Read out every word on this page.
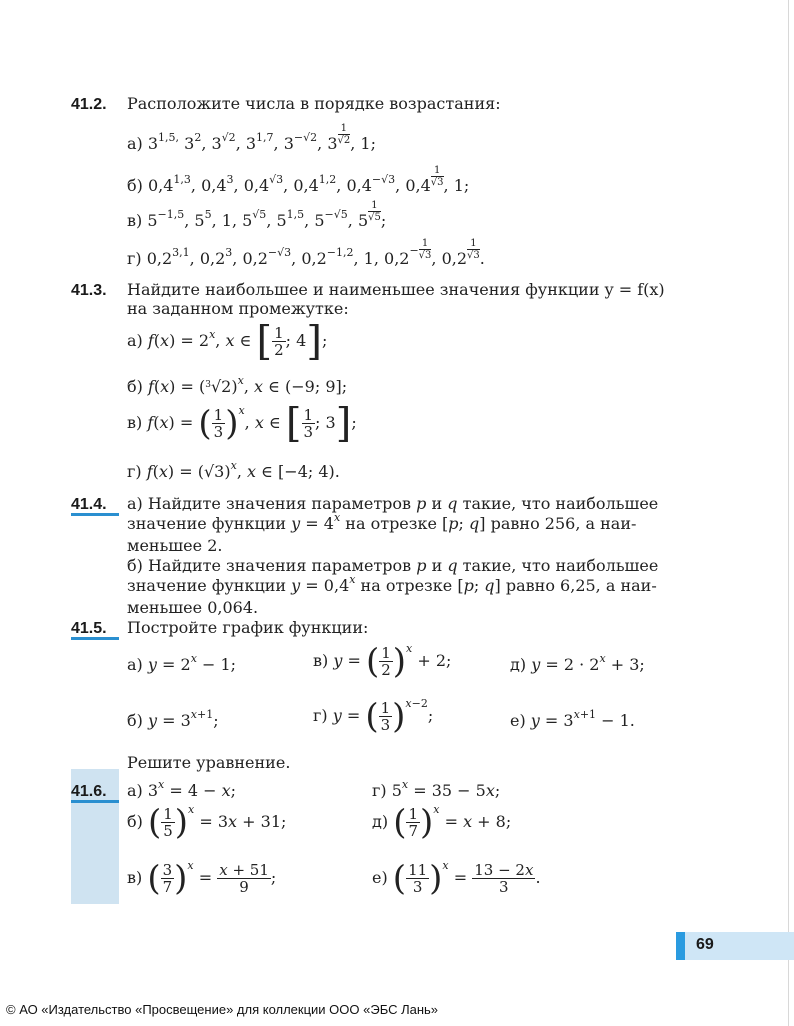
41.2. Расположите числа в порядке возрастания:
а) $3^{1,5,}$ $3^2$, $3^{√2}$, 3$^{1,7}$, $3^{-√2}$, $3 \frac{1}{√2}$ , 1;
б) 0,4$^{1,3}$, $0,4^3$, $0,4^{√3}$, 0,4$^{1,2}$, $0,4^{-√3}$, $0,4 \frac{1}{√3}$ , 1;
в) $5^{-1,5}$, $5^5$, 1, $5^{√5}$, 5$^{1,5}$, $5^{-√5}$, $5 \frac{1}{√5}$ ;
г) 0,2$^{3,1}$, $0,2^3$, $0,2^{-√3}$, $0,2^{-1,2}$, 1, $0,2- \frac{1}{√3}$ , $0,2 \frac{1}{√3}$ .
41.3. Найдите наибольшее и наименьшее значения функции y = f(x)
на заданном промежутке:
а) $f(x) = 2^x$, x ∈ [ $\frac{1}{2}$ ; 4];
б) $f(x) = (^3√2)^x$, x ∈ (−9; 9];
в) f(x) = ( $\frac{1}{3} )^x$, x ∈ [ $\frac{1}{3}$ ; 3];
г) $f(x) = (√3)^x$, x ∈ [−4; 4).
41.4. а) Найдите значения параметров p и q такие, что наибольшее
значение функции $y = 4^x$ на отрезке [p; q] равно 256, а наи-
меньшее 2.
б) Найдите значения параметров p и q такие, что наибольшее
значение функции $y = 0,4^x$ на отрезке [p; q] равно 6,25, а наи-
меньшее 0,064.
41.5. Постройте график функции:
а) $y = 2^x - 1$;	в) y = ( $\frac{1}{2} )^x + 2$;	д) $y = 2 \cdot 2^x + 3$;
б) $y = 3^{x+1}$;	г) y = ( $\frac{1}{3} )^{x-2}$;	е) $y = 3^{x+1} - 1$.
Решите уравнение.
41.6. а) $3^x = 4 - x$;	г) $5^x = 35 - 5x$;
б) ( $\frac{1}{5} )^x = 3x + 31$;	д) ( $\frac{1}{7} )^x = x + 8$;
в) ( $\frac{3}{7} )^x = \frac{x + 51}{9}$ ;	е) ( $\frac{11}{3} )^x = \frac{13 - 2x}{3}$ .
69
© АО «Издательство «Просвещение» для коллекции ООО «ЭБС Лань»
